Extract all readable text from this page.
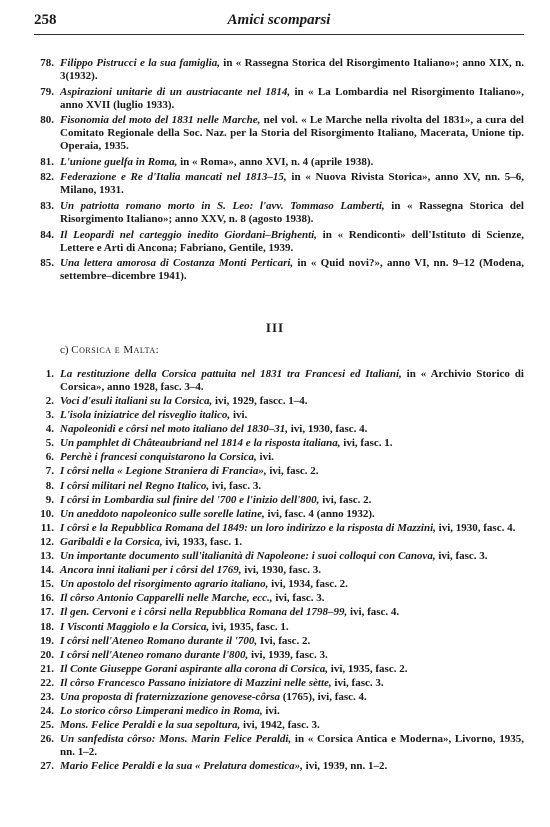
258	Amici scomparsi
78. Filippo Pistrucci e la sua famiglia, in « Rassegna Storica del Risorgimento Italiano»; anno XIX, n. 3(1932).
79. Aspirazioni unitarie di un austriacante nel 1814, in « La Lombardia nel Risorgimento Italiano», anno XVII (luglio 1933).
80. Fisonomia del moto del 1831 nelle Marche, nel vol. « Le Marche nella rivolta del 1831», a cura del Comitato Regionale della Soc. Naz. per la Storia del Risorgimento Italiano, Macerata, Unione tip. Operaia, 1935.
81. L'unione guelfa in Roma, in « Roma», anno XVI, n. 4 (aprile 1938).
82. Federazione e Re d'Italia mancati nel 1813–15, in « Nuova Rivista Storica», anno XV, nn. 5–6, Milano, 1931.
83. Un patriotta romano morto in S. Leo: l'avv. Tommaso Lamberti, in « Rassegna Storica del Risorgimento Italiano»; anno XXV, n. 8 (agosto 1938).
84. Il Leopardi nel carteggio inedito Giordani–Brighenti, in « Rendiconti» dell'Istituto di Scienze, Lettere e Arti di Ancona; Fabriano, Gentile, 1939.
85. Una lettera amorosa di Costanza Monti Perticari, in « Quid novi?», anno VI, nn. 9–12 (Modena, settembre–dicembre 1941).
III
c) Corsica e Malta:
1. La restituzione della Corsica pattuita nel 1831 tra Francesi ed Italiani, in « Archivio Storico di Corsica», anno 1928, fasc. 3–4.
2. Voci d'esuli italiani su la Corsica, ivi, 1929, fascc. 1–4.
3. L'isola iniziatrice del risveglio italico, ivi.
4. Napoleonidi e côrsi nel moto italiano del 1830–31, ivi, 1930, fasc. 4.
5. Un pamphlet di Châteaubriand nel 1814 e la risposta italiana, ivi, fasc. 1.
6. Perchè i francesi conquistarono la Corsica, ivi.
7. I côrsi nella « Legione Straniera di Francia», ivi, fasc. 2.
8. I côrsi militari nel Regno Italico, ivi, fasc. 3.
9. I côrsi in Lombardia sul finire del '700 e l'inizio dell'800, ivi, fasc. 2.
10. Un aneddoto napoleonico sulle sorelle latine, ivi, fasc. 4 (anno 1932).
11. I côrsi e la Repubblica Romana del 1849: un loro indirizzo e la risposta di Mazzini, ivi, 1930, fasc. 4.
12. Garibaldi e la Corsica, ivi, 1933, fasc. 1.
13. Un importante documento sull'italianità di Napoleone: i suoi colloqui con Canova, ivi, fasc. 3.
14. Ancora inni italiani per i côrsi del 1769, ivi, 1930, fasc. 3.
15. Un apostolo del risorgimento agrario italiano, ivi, 1934, fasc. 2.
16. Il côrso Antonio Capparelli nelle Marche, ecc., ivi, fasc. 3.
17. Il gen. Cervoni e i côrsi nella Repubblica Romana del 1798–99, ivi, fasc. 4.
18. I Visconti Maggiolo e la Corsica, ivi, 1935, fasc. 1.
19. I côrsi nell'Ateneo Romano durante il '700, Ivi, fasc. 2.
20. I côrsi nell'Ateneo romano durante l'800, ivi, 1939, fasc. 3.
21. Il Conte Giuseppe Gorani aspirante alla corona di Corsica, ivi, 1935, fasc. 2.
22. Il côrso Francesco Passano iniziatore di Mazzini nelle sètte, ivi, fasc. 3.
23. Una proposta di fraternizzazione genovese-côrsa (1765), ivi, fasc. 4.
24. Lo storico côrso Limperani medico in Roma, ivi.
25. Mons. Felice Peraldi e la sua sepoltura, ivi, 1942, fasc. 3.
26. Un sanfedista côrso: Mons. Marin Felice Peraldi, in « Corsica Antica e Moderna», Livorno, 1935, nn. 1–2.
27. Mario Felice Peraldi e la sua « Prelatura domestica», ivi, 1939, nn. 1–2.
